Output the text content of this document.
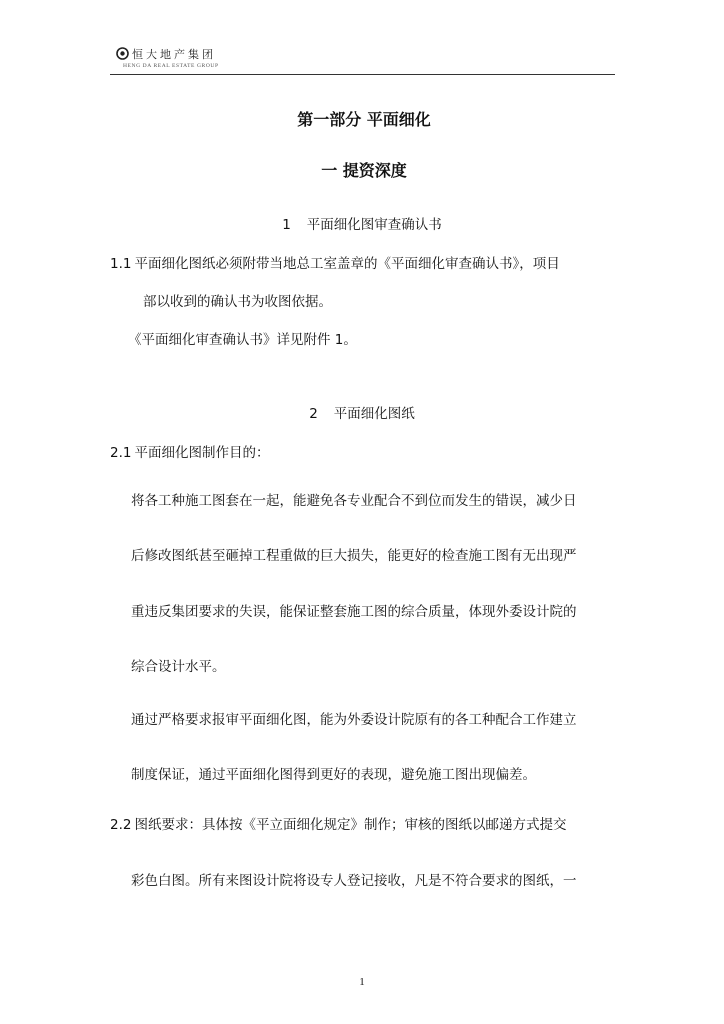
恒大地产集团
HENG DA REAL ESTATE GROUP
第一部分 平面细化
一 提资深度
1 平面细化图审查确认书
1.1 平面细化图纸必须附带当地总工室盖章的《平面细化审查确认书》，项目
部以收到的确认书为收图依据。
《平面细化审查确认书》详见附件 1。
2 平面细化图纸
2.1 平面细化图制作目的：
将各工种施工图套在一起，能避免各专业配合不到位而发生的错误，减少日
后修改图纸甚至砸掉工程重做的巨大损失，能更好的检查施工图有无出现严
重违反集团要求的失误，能保证整套施工图的综合质量，体现外委设计院的
综合设计水平。
通过严格要求报审平面细化图，能为外委设计院原有的各工种配合工作建立
制度保证，通过平面细化图得到更好的表现，避免施工图出现偏差。
2.2 图纸要求：具体按《平立面细化规定》制作；审核的图纸以邮递方式提交
彩色白图。所有来图设计院将设专人登记接收，凡是不符合要求的图纸，一
1
